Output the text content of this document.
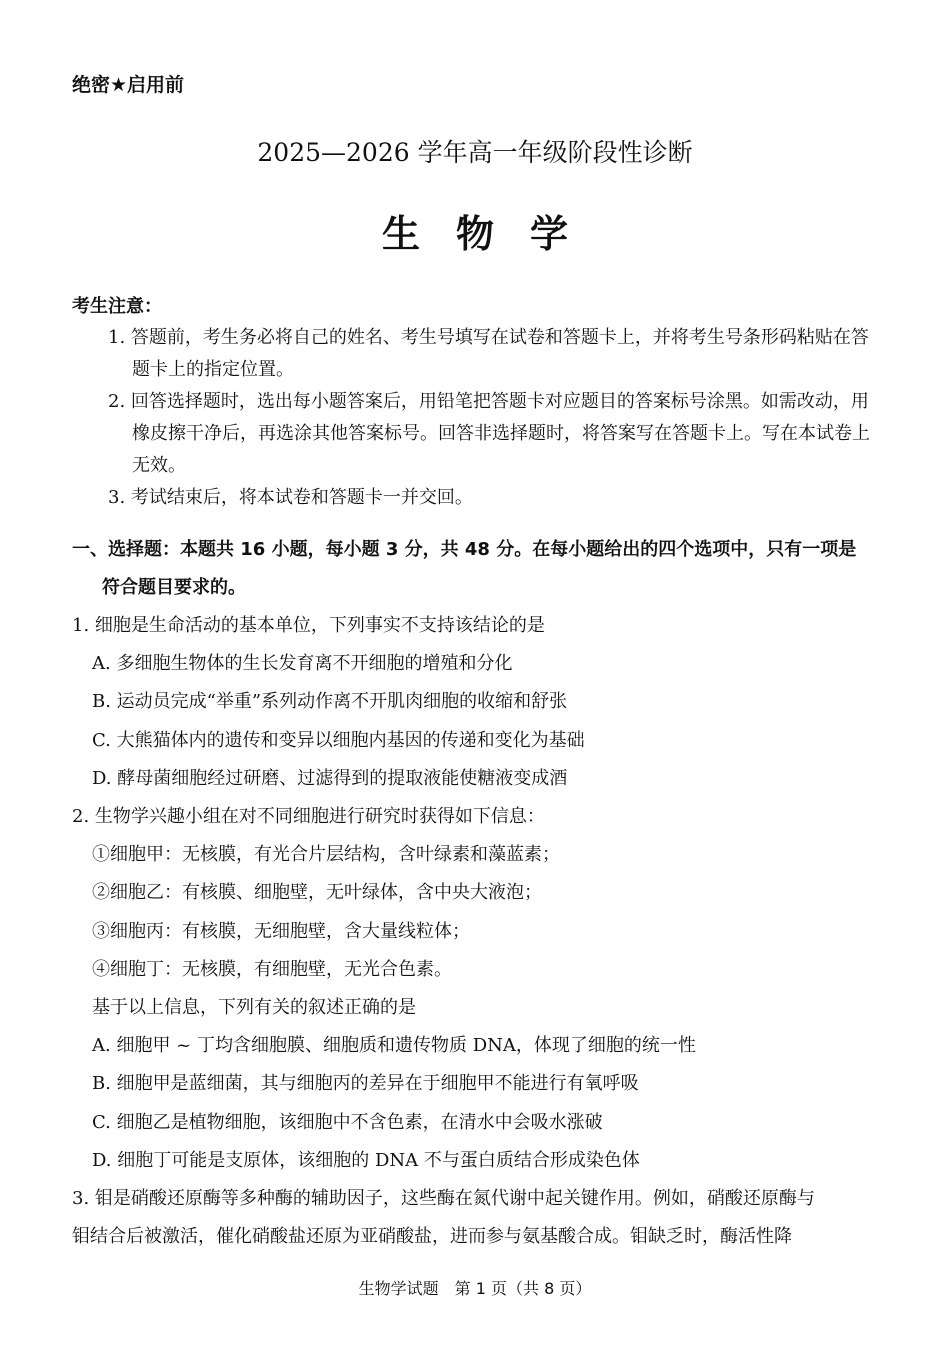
绝密★启用前
2025—2026 学年高一年级阶段性诊断
生物学
考生注意：
1. 答题前，考生务必将自己的姓名、考生号填写在试卷和答题卡上，并将考生号条形码粘贴在答题卡上的指定位置。
2. 回答选择题时，选出每小题答案后，用铅笔把答题卡对应题目的答案标号涂黑。如需改动，用橡皮擦干净后，再选涂其他答案标号。回答非选择题时，将答案写在答题卡上。写在本试卷上无效。
3. 考试结束后，将本试卷和答题卡一并交回。
一、选择题：本题共 16 小题，每小题 3 分，共 48 分。在每小题给出的四个选项中，只有一项是
符合题目要求的。
1. 细胞是生命活动的基本单位，下列事实不支持该结论的是
A. 多细胞生物体的生长发育离不开细胞的增殖和分化
B. 运动员完成“举重”系列动作离不开肌肉细胞的收缩和舒张
C. 大熊猫体内的遗传和变异以细胞内基因的传递和变化为基础
D. 酵母菌细胞经过研磨、过滤得到的提取液能使糖液变成酒
2. 生物学兴趣小组在对不同细胞进行研究时获得如下信息：
①细胞甲：无核膜，有光合片层结构，含叶绿素和藻蓝素；
②细胞乙：有核膜、细胞壁，无叶绿体，含中央大液泡；
③细胞丙：有核膜，无细胞壁，含大量线粒体；
④细胞丁：无核膜，有细胞壁，无光合色素。
基于以上信息，下列有关的叙述正确的是
A. 细胞甲 ~ 丁均含细胞膜、细胞质和遗传物质 DNA，体现了细胞的统一性
B. 细胞甲是蓝细菌，其与细胞丙的差异在于细胞甲不能进行有氧呼吸
C. 细胞乙是植物细胞，该细胞中不含色素，在清水中会吸水涨破
D. 细胞丁可能是支原体，该细胞的 DNA 不与蛋白质结合形成染色体
3. 钼是硝酸还原酶等多种酶的辅助因子，这些酶在氮代谢中起关键作用。例如，硝酸还原酶与
钼结合后被激活，催化硝酸盐还原为亚硝酸盐，进而参与氨基酸合成。钼缺乏时，酶活性降
生物学试题　第 1 页（共 8 页）
